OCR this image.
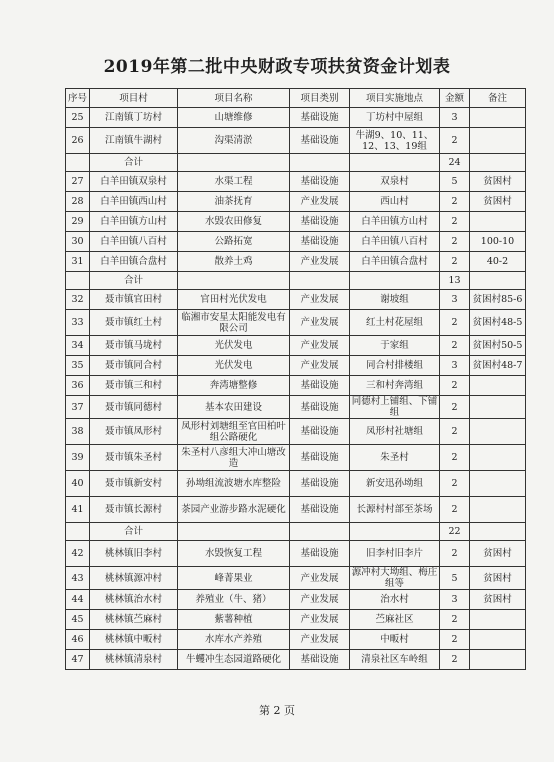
2019年第二批中央财政专项扶贫资金计划表
序号	项目村	项目名称	项目类别	项目实施地点	金额	备注
25	江南镇丁坊村	山塘维修	基础设施	丁坊村中屋组	3	
26	江南镇牛湖村	沟渠清淤	基础设施	牛湖9、10、11、12、13、19组	2	
	合计				24	
27	白羊田镇双泉村	水渠工程	基础设施	双泉村	5	贫困村
28	白羊田镇西山村	油茶抚育	产业发展	西山村	2	贫困村
29	白羊田镇方山村	水毁农田修复	基础设施	白羊田镇方山村	2	
30	白羊田镇八百村	公路拓宽	基础设施	白羊田镇八百村	2	100-10
31	白羊田镇合盘村	散养土鸡	产业发展	白羊田镇合盘村	2	40-2
	合计				13	
32	聂市镇官田村	官田村光伏发电	产业发展	谢坡组	3	贫困村85-6
33	聂市镇红土村	临湘市安星太阳能发电有限公司	产业发展	红土村花屋组	2	贫困村48-5
34	聂市镇马垅村	光伏发电	产业发展	于家组	2	贫困村50-5
35	聂市镇同合村	光伏发电	产业发展	同合村排楼组	3	贫困村48-7
36	聂市镇三和村	奔湾塘整修	基础设施	三和村奔湾组	2	
37	聂市镇同德村	基本农田建设	基础设施	同德村上铺组、下铺组	2	
38	聂市镇凤形村	凤形村刘塘组至官田柏叶组公路硬化	基础设施	凤形村社塘组	2	
39	聂市镇朱圣村	朱圣村八彦组大冲山塘改造	基础设施	朱圣村	2	
40	聂市镇新安村	孙坳组流波塘水库整险	基础设施	新安迅孙坳组	2	
41	聂市镇长源村	茶园产业游步路水泥硬化	基础设施	长源村村部至茶场	2	
	合计				22	
42	桃林镇旧李村	水毁恢复工程	基础设施	旧李村旧李片	2	贫困村
43	桃林镇源冲村	峰菁果业	产业发展	源冲村大坳组、梅庄组等	5	贫困村
44	桃林镇治水村	养殖业（牛、猪）	产业发展	治水村	3	贫困村
45	桃林镇苎麻村	紫薯种植	产业发展	苎麻社区	2	
46	桃林镇中畈村	水库水产养殖	产业发展	中畈村	2	
47	桃林镇清泉村	牛蠼冲生态园道路硬化	基础设施	清泉社区车岭组	2	
第 2 页
